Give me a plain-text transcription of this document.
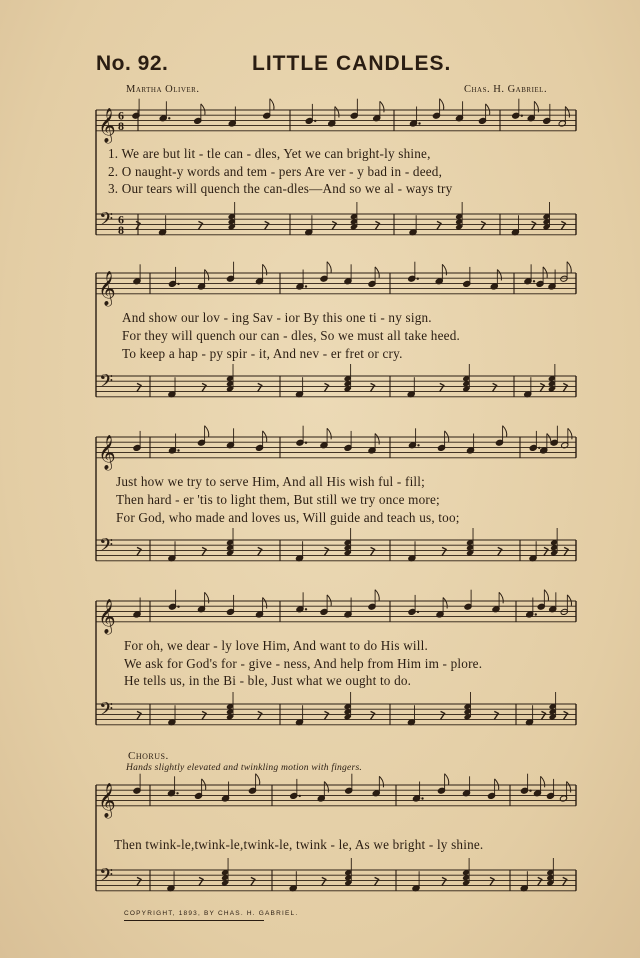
No. 92.	LITTLE CANDLES.
Martha Oliver.	Chas. H. Gabriel.
𝄞
𝄢
6
8
6
8
𝄞
𝄢
𝄞
𝄢
𝄞
𝄢
𝄞
𝄢
1. We are but lit - tle can - dles, Yet we can bright-ly shine,
2. O naught-y words and tem - pers Are ver - y bad in - deed,
3. Our tears will quench the can-dles—And so we al - ways try
And show our lov - ing Sav - ior By this one ti - ny sign.
For they will quench our can - dles, So we must all take heed.
To keep a hap - py spir - it, And nev - er fret or cry.
Just how we try to serve Him, And all His wish ful - fill;
Then hard - er 'tis to light them, But still we try once more;
For God, who made and loves us, Will guide and teach us, too;
For oh, we dear - ly love Him, And want to do His will.
We ask for God's for - give - ness, And help from Him im - plore.
He tells us, in the Bi - ble, Just what we ought to do.
Chorus.
Hands slightly elevated and twinkling motion with fingers.
Then twink-le,twink-le,twink-le, twink - le, As we bright - ly shine.
COPYRIGHT, 1893, BY CHAS. H. GABRIEL.
